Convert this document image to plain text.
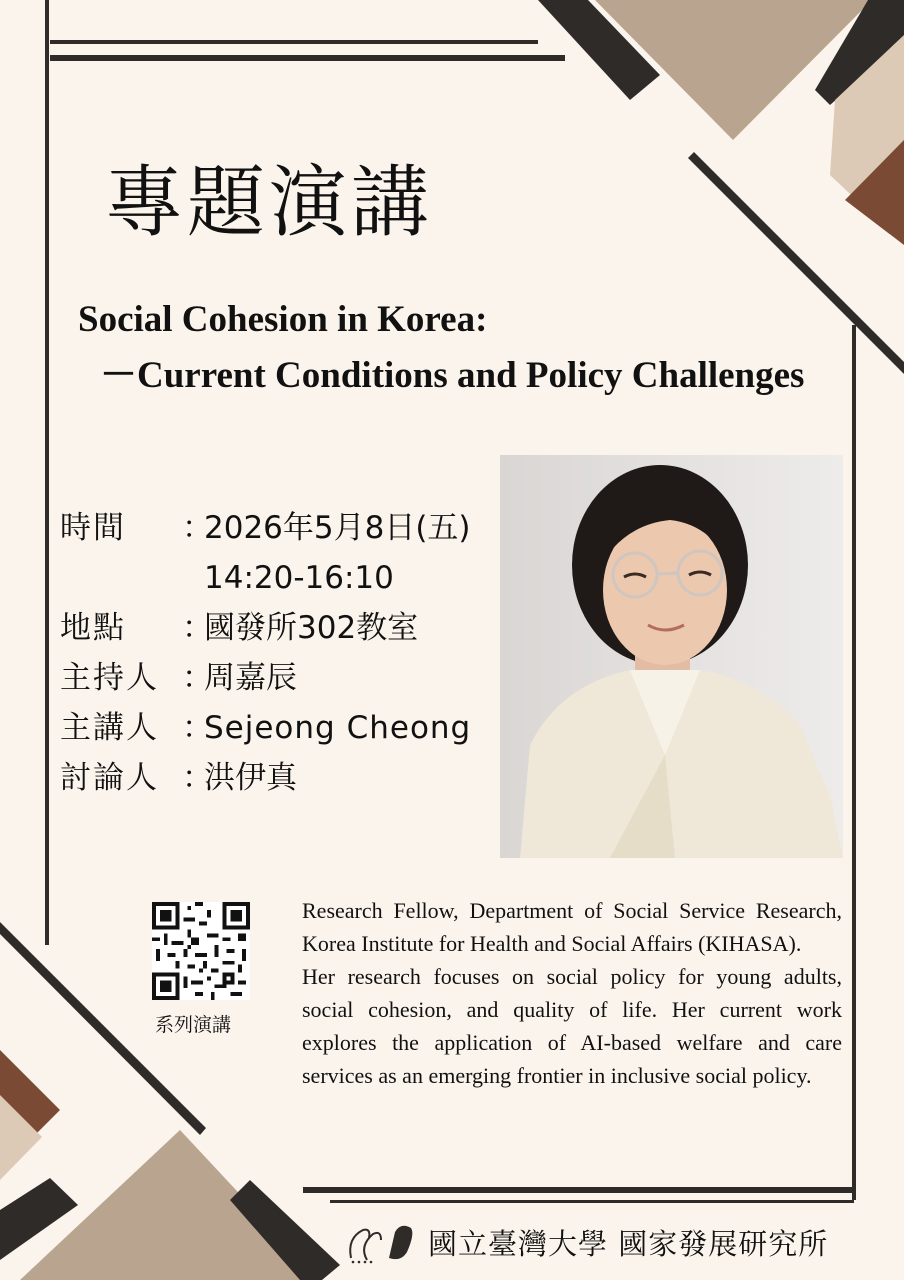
專題演講
Social Cohesion in Korea:
－Current Conditions and Policy Challenges
時間	：
2026年5月8日(五)
14:20-16:10
地點	：
國發所302教室
主持人 ：
周嘉辰
主講人 ：
Sejeong Cheong
討論人 ：
洪伊真
系列演講

Research Fellow, Department of Social Service Research, Korea Institute for Health and Social Affairs (KIHASA).

Her research focuses on social policy for young adults, social cohesion, and quality of life. Her current work explores the application of AI-based welfare and care services as an emerging frontier in inclusive social policy.

國立臺灣大學 國家發展研究所
